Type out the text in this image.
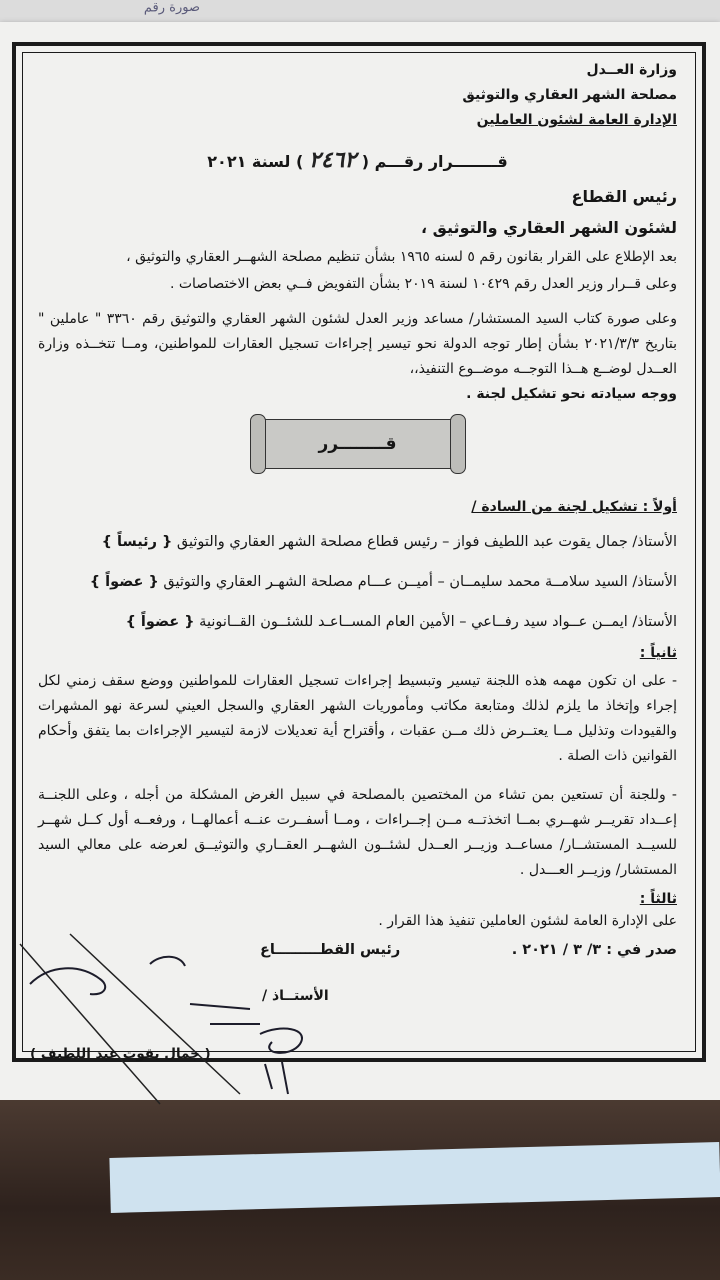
صورة رقم
وزارة العــدل
مصلحة الشهر العقاري والتوثيق
الإدارة العامة لشئون العاملين
قــــــــرار رقـــم ( ٢٤٦٢ ) لسنة ٢٠٢١
رئيس القطاع
لشئون الشهر العقاري والتوثيق ،
بعد الإطلاع على القرار بقانون رقم ٥ لسنه ١٩٦٥ بشأن تنظيم مصلحة الشهــر العقاري والتوثيق ،
وعلى قــرار وزير العدل رقم ١٠٤٢٩ لسنة ٢٠١٩ بشأن التفويض فــي بعض الاختصاصات .
وعلى صورة كتاب السيد المستشار/ مساعد وزير العدل لشئون الشهر العقاري والتوثيق رقم ٣٣٦٠ " عاملين " بتاريخ ٢٠٢١/٣/٣ بشأن إطار توجه الدولة نحو تيسير إجراءات تسجيل العقارات للمواطنين، ومــا تتخــذه وزارة العــدل لوضــع هــذا التوجــه موضــوع التنفيذ،،
ووجه سيادته نحو تشكيل لجنة .
قــــــــرر
أولاً : تشكيل لجنة من السادة /
الأستاذ/ جمال يقوت عبد اللطيف فواز – رئيس قطاع مصلحة الشهر العقاري والتوثيق { رئيساً }
الأستاذ/ السيد سلامــة محمد سليمــان – أميــن عـــام مصلحة الشهـر العقاري والتوثيق { عضواً }
الأستاذ/ ايمــن عــواد سيد رفــاعي – الأمين العام المســاعـد للشئــون القــانونية { عضواً }
ثانياً :
- على ان تكون مهمه هذه اللجنة تيسير وتبسيط إجراءات تسجيل العقارات للمواطنين ووضع سقف زمني لكل إجراء وإتخاذ ما يلزم لذلك ومتابعة مكاتب ومأموريات الشهر العقاري والسجل العيني لسرعة نهو المشهرات والقيودات وتذليل مــا يعتــرض ذلك مــن عقبات ، وأقتراح أية تعديلات لازمة لتيسير الإجراءات بما يتفق وأحكام القوانين ذات الصلة .
- وللجنة أن تستعين بمن تشاء من المختصين بالمصلحة في سبيل الغرض المشكلة من أجله ، وعلى اللجنــة إعــداد تقريــر شهــري بمــا اتخذتــه مــن إجــراءات ، ومــا أسفــرت عنــه أعمالهــا ، ورفعــه أول كــل شهــر للسيــد المستشــار/ مساعــد وزيــر العــدل لشئــون الشهــر العقــاري والتوثيــق لعرضه على معالي السيد المستشار/ وزيــر العـــدل .
ثالثاً :
على الإدارة العامة لشئون العاملين تنفيذ هذا القرار .
صدر في : ٣/ ٣ / ٢٠٢١ .
رئيس القطـــــــــاع
الأستــاذ /
( جمال يقوت عبد اللطيف )
